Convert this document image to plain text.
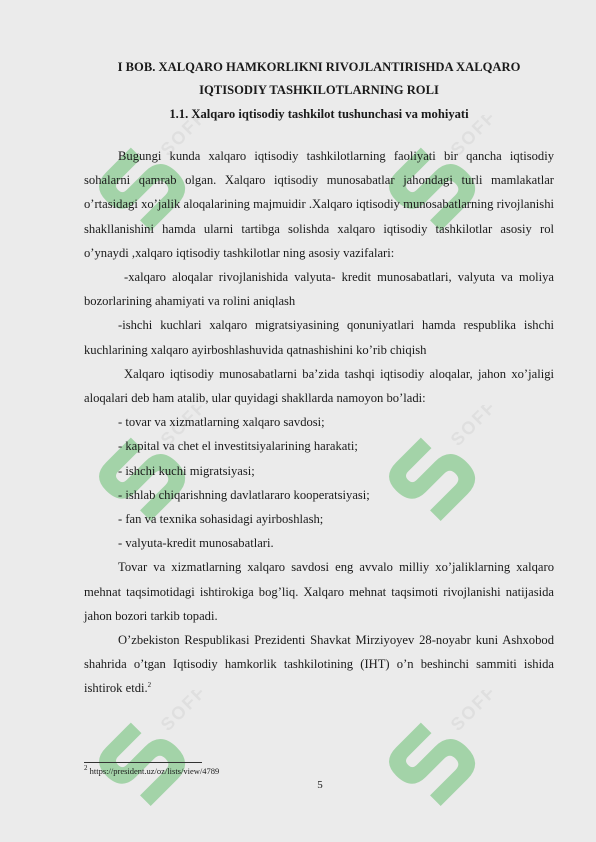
SOFF	SOFF
SOFF	SOFF
SOFF	SOFF

I BOB. XALQARO HAMKORLIKNI RIVOJLANTIRISHDA XALQARO
IQTISODIY TASHKILOTLARNING ROLI

1.1. Xalqaro iqtisodiy tashkilot tushunchasi va mohiyati

Bugungi kunda xalqaro iqtisodiy tashkilotlarning faoliyati bir qancha iqtisodiy sohalarni qamrab olgan. Xalqaro iqtisodiy munosabatlar jahondagi turli mamlakatlar o’rtasidagi xo’jalik aloqalarining majmuidir .Xalqaro iqtisodiy munosabatlarning rivojlanishi shakllanishini hamda ularni tartibga solishda xalqaro iqtisodiy tashkilotlar asosiy rol o’ynaydi ,xalqaro iqtisodiy tashkilotlar ning asosiy vazifalari:

-xalqaro aloqalar rivojlanishida valyuta- kredit munosabatlari, valyuta va moliya bozorlarining ahamiyati va rolini aniqlash

-ishchi kuchlari xalqaro migratsiyasining qonuniyatlari hamda respublika ishchi kuchlarining xalqaro ayirboshlashuvida qatnashishini ko’rib chiqish

Xalqaro iqtisodiy munosabatlarni ba’zida tashqi iqtisodiy aloqalar, jahon xo’jaligi aloqalari deb ham atalib, ular quyidagi shakllarda namoyon bo’ladi:

- tovar va xizmatlarning xalqaro savdosi;

- kapital va chet el investitsiyalarining harakati;

- ishchi kuchi migratsiyasi;

- ishlab chiqarishning davlatlararo kooperatsiyasi;

- fan va texnika sohasidagi ayirboshlash;

- valyuta-kredit munosabatlari.

Tovar va xizmatlarning xalqaro savdosi eng avvalo milliy xo’jaliklarning xalqaro mehnat taqsimotidagi ishtirokiga bog’liq. Xalqaro mehnat taqsimoti rivojlanishi natijasida jahon bozori tarkib topadi.

O’zbekiston Respublikasi Prezidenti Shavkat Mirziyoyev 28-noyabr kuni Ashxobod shahrida o’tgan Iqtisodiy hamkorlik tashkilotining (IHT) o’n beshinchi sammiti ishida ishtirok etdi.$^2$

$^2$ https://president.uz/oz/lists/view/4789
5
